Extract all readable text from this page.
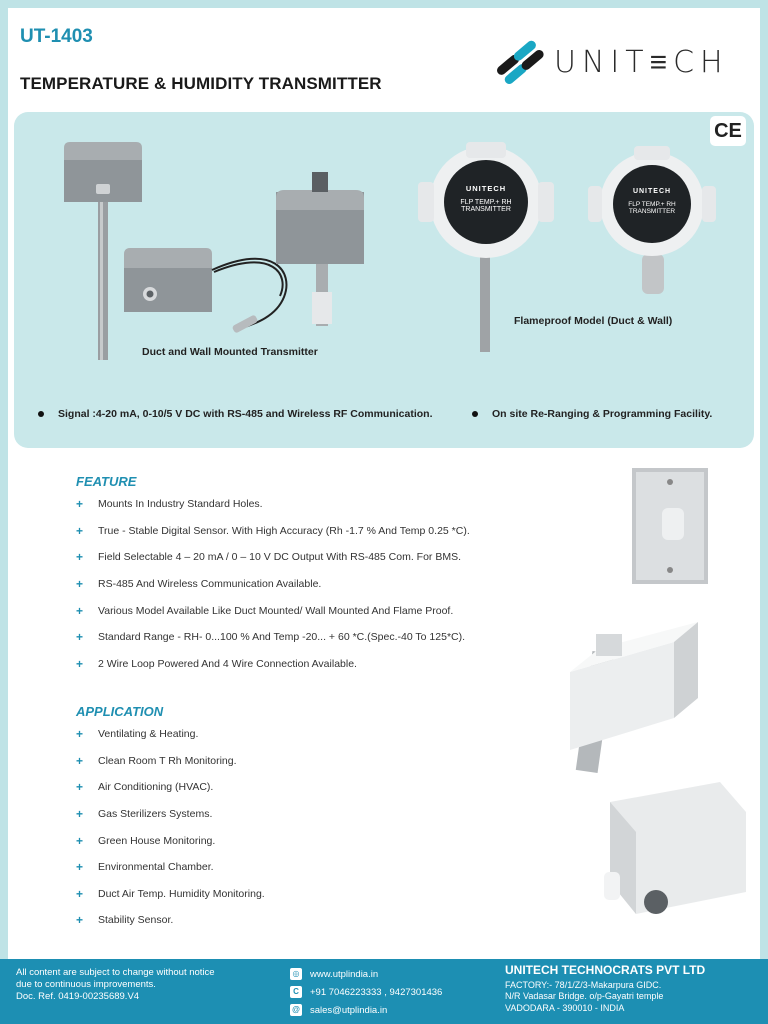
UT-1403
TEMPERATURE & HUMIDITY TRANSMITTER
UNIT≡CH
CE
UNITECH
FLP TEMP.+ RH
TRANSMITTER
UNITECH
FLP TEMP.+ RH
TRANSMITTER
Duct and Wall Mounted Transmitter
Flameproof Model (Duct & Wall)
Signal :4-20 mA, 0-10/5 V DC with RS-485 and Wireless RF Communication.	On site Re-Ranging & Programming Facility.
FEATURE
+	Mounts In Industry Standard Holes.
+	True - Stable Digital Sensor. With High Accuracy (Rh -1.7 % And Temp 0.25 *C).
+	Field Selectable 4 – 20 mA / 0 – 10 V DC Output With RS-485 Com. For BMS.
+	RS-485 And Wireless Communication Available.
+	Various Model Available Like Duct Mounted/ Wall Mounted And Flame Proof.
+	Standard Range - RH- 0...100 % And Temp -20... + 60 *C.(Spec.-40 To 125*C).
+	2 Wire Loop Powered And 4 Wire Connection Available.
APPLICATION
+	Ventilating & Heating.
+	Clean Room T Rh Monitoring.
+	Air Conditioning (HVAC).
+	Gas Sterilizers Systems.
+	Green House Monitoring.
+	Environmental Chamber.
+	Duct Air Temp. Humidity Monitoring.
+	Stability Sensor.
All content are subject to change without notice
due to continuous improvements.
Doc. Ref. 0419-00235689.V4
◎ www.utplindia.in
C	+91 7046223333 , 9427301436
@ sales@utplindia.in
UNITECH TECHNOCRATS PVT LTD
FACTORY:- 78/1/Z/3-Makarpura GIDC.
N/R Vadasar Bridge. o/p-Gayatri temple
VADODARA - 390010 - INDIA
